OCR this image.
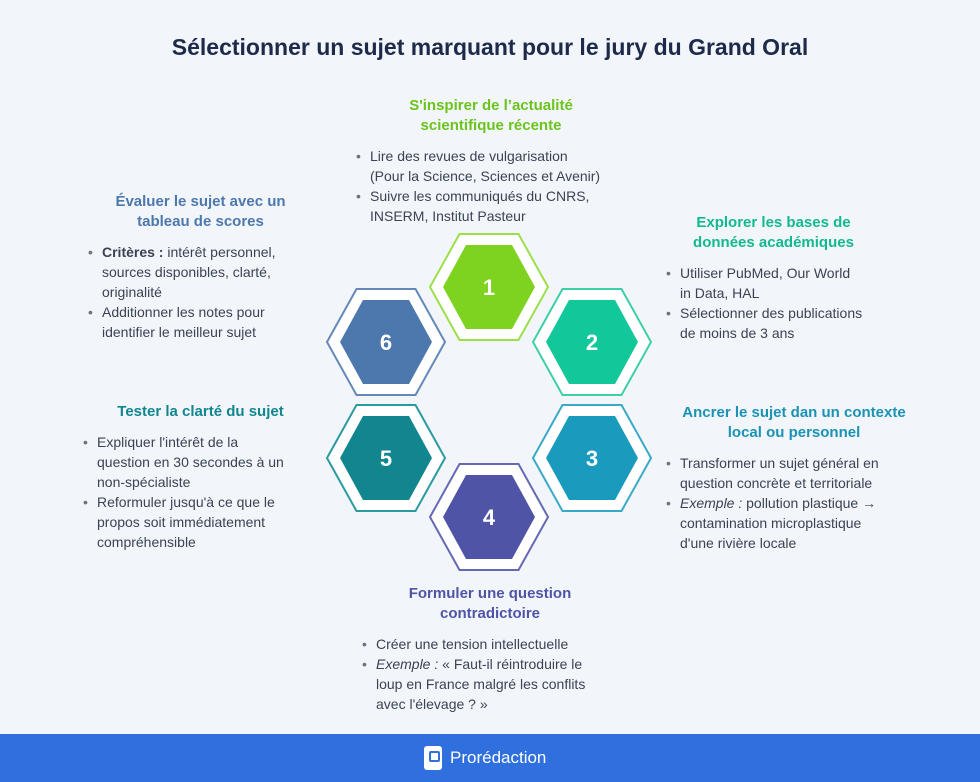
Sélectionner un sujet marquant pour le jury du Grand Oral
1
2
3
6
5
4
S'inspirer de l’actualité
scientifique récente
• Lire des revues de vulgarisation
(Pour la Science, Sciences et Avenir)
• Suivre les communiqués du CNRS,
INSERM, Institut Pasteur	Explorer les bases de
données académiques
• Utiliser PubMed, Our World
in Data, HAL
• Sélectionner des publications
de moins de 3 ans
Ancrer le sujet dan un contexte
local ou personnel
• Transformer un sujet général en
question concrète et territoriale
• Exemple : pollution plastique →
contamination microplastique
d'une rivière locale
Formuler une question
contradictoire
• Créer une tension intellectuelle
• Exemple : « Faut-il réintroduire le
loup en France malgré les conflits
avec l'élevage ? »
Tester la clarté du sujet
• Expliquer l'intérêt de la
question en 30 secondes à un
non-spécialiste
• Reformuler jusqu'à ce que le
propos soit immédiatement
compréhensible
Évaluer le sujet avec un
tableau de scores
• Critères : intérêt personnel,
sources disponibles, clarté,
originalité
• Additionner les notes pour
identifier le meilleur sujet
Prorédaction
